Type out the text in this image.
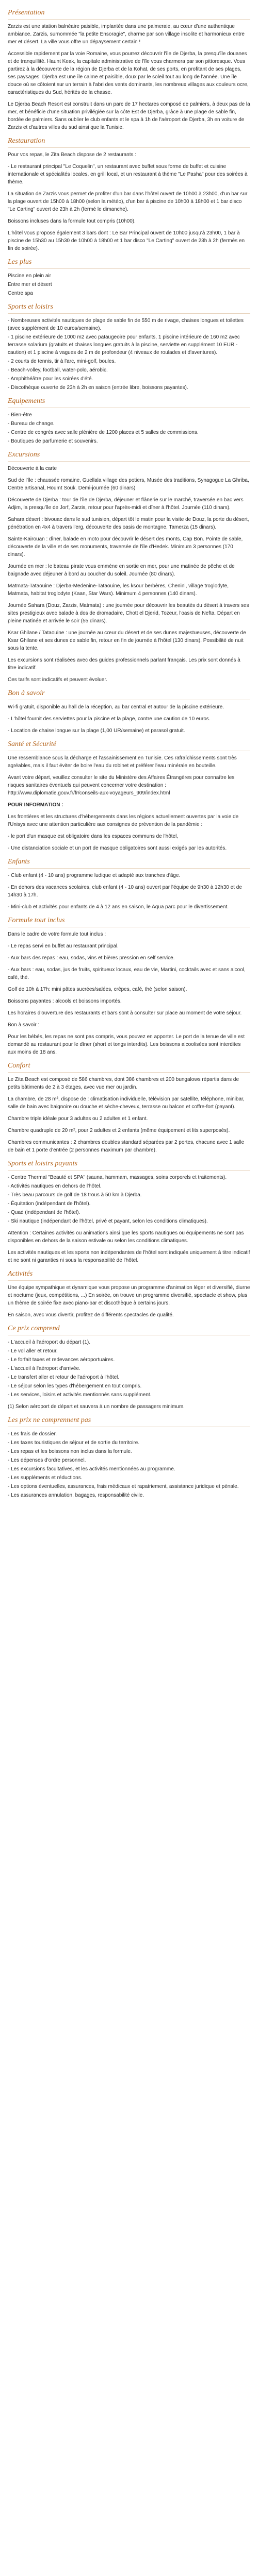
Présentation

Zarzis est une station balnéaire paisible, implantée dans une palmeraie, au cœur d'une authentique ambiance. Zarzis, surnommée "la petite Ensoragie", charme par son village insolite et harmonieux entre mer et désert. La ville vous offre un dépaysement certain !

Accessible rapidement par la voie Romaine, vous pourrez découvrir l'île de Djerba, la presqu'île douanes et de tranquillité. Haunt Keak, la capitale administrative de l'île vous charmera par son pittoresque. Vous partirez à la découverte de la région de Djerba et de la Kohat, de ses ports, en profitant de ses plages, ses paysages. Djerba est une île calme et paisible, doux par le soleil tout au long de l'année. Une île douce où se côtoient sur un terrain à l'abri des vents dominants, les nombreux villages aux couleurs ocre, caractéristiques du Sud, hérités de la chasse.

Le Djerba Beach Resort est construit dans un parc de 17 hectares composé de palmiers, à deux pas de la mer, et bénéficie d'une situation privilégiée sur la côte Est de Djerba, grâce à une plage de sable fin, bordée de palmiers. Sans oublier le club enfants et le spa à 1h de l'aéroport de Djerba, 3h en voiture de Zarzis et d'autres villes du sud ainsi que la Tunisie.

Restauration

Pour vos repas, le Zita Beach dispose de 2 restaurants :

- Le restaurant principal "Le Coquelin", un restaurant avec buffet sous forme de buffet et cuisine internationale et spécialités locales, en grill local, et un restaurant à thème "Le Pasha" pour des soirées à thème.

La situation de Zarzis vous permet de profiter d'un bar dans l'hôtel ouvert de 10h00 à 23h00, d'un bar sur la plage ouvert de 15h00 à 18h00 (selon la météo), d'un bar à piscine de 10h00 à 18h00 et 1 bar disco "Le Carting" ouvert de 23h à 2h (fermé le dimanche).

Boissons incluses dans la formule tout compris (10h00).

L'hôtel vous propose également 3 bars dont : Le Bar Principal ouvert de 10h00 jusqu'à 23h00, 1 bar à piscine de 15h30 au 15h30 de 10h00 à 18h00 et 1 bar disco "Le Carting" ouvert de 23h à 2h (fermés en fin de soirée).

Les plus

Piscine en plein air

Entre mer et désert

Centre spa

Sports et loisirs

- Nombreuses activités nautiques de plage de sable fin de 550 m de rivage, chaises longues et toilettes (avec supplément de 10 euros/semaine).

- 1 piscine extérieure de 1000 m2 avec pataugeoire pour enfants, 1 piscine intérieure de 160 m2 avec terrasse solarium (gratuits et chaises longues gratuits à la piscine, serviette en supplément 10 EUR - caution) et 1 piscine à vagues de 2 m de profondeur (4 niveaux de roulades et d'aventures).

- 2 courts de tennis, tir à l'arc, mini-golf, boules.

- Beach-volley, football, water-polo, aérobic.

- Amphithéâtre pour les soirées d'été.

- Discothèque ouverte de 23h à 2h en saison (entrée libre, boissons payantes).

Equipements

- Bien-être

- Bureau de change.

- Centre de congrès avec salle plénière de 1200 places et 5 salles de commissions.

- Boutiques de parfumerie et souvenirs.

Excursions

Découverte à la carte

Sud de l'île : chaussée romaine, Guellala village des potiers, Musée des traditions, Synagogue La Ghriba, Centre artisanal, Houmt Souk. Demi-journée (60 dinars)

Découverte de Djerba : tour de l'île de Djerba, déjeuner et flânerie sur le marché, traversée en bac vers Adjim, la presqu'île de Jorf, Zarzis, retour pour l'après-midi et dîner à l'hôtel. Journée (110 dinars).

Sahara désert : bivouac dans le sud tunisien, départ tôt le matin pour la visite de Douz, la porte du désert, pénétration en 4x4 à travers l'erg, découverte des oasis de montagne, Tamerza (15 dinars).

Sainte-Kairouan : dîner, balade en moto pour découvrir le désert des monts, Cap Bon. Pointe de sable, découverte de la ville et de ses monuments, traversée de l'île d'Hedek. Minimum 3 personnes (170 dinars).

Journée en mer : le bateau pirate vous emmène en sortie en mer, pour une matinée de pêche et de baignade avec déjeuner à bord au coucher du soleil. Journée (80 dinars).

Matmata-Tataouine : Djerba-Medenine-Tataouine, les ksour berbères, Chenini, village troglodyte, Matmata, habitat troglodyte (Kaan, Star Wars). Minimum 4 personnes (140 dinars).

Journée Sahara (Douz, Zarzis, Matmata) : une journée pour découvrir les beautés du désert à travers ses sites prestigieux avec balade à dos de dromadaire, Chott el Djerid, Tozeur, l'oasis de Nefta. Départ en pleine matinée et arrivée le soir (55 dinars).

Ksar Ghilane / Tataouine : une journée au cœur du désert et de ses dunes majestueuses, découverte de Ksar Ghilane et ses dunes de sable fin, retour en fin de journée à l'hôtel (130 dinars). Possibilité de nuit sous la tente.

Les excursions sont réalisées avec des guides professionnels parlant français. Les prix sont donnés à titre indicatif.

Ces tarifs sont indicatifs et peuvent évoluer.

Bon à savoir

Wi-fi gratuit, disponible au hall de la réception, au bar central et autour de la piscine extérieure.

- L'hôtel fournit des serviettes pour la piscine et la plage, contre une caution de 10 euros.

- Location de chaise longue sur la plage (1,00 UR/semaine) et parasol gratuit.

Santé et Sécurité

Une ressemblance sous la décharge et l'assainissement en Tunisie. Ces rafraîchissements sont très agréables, mais il faut éviter de boire l'eau du robinet et préférer l'eau minérale en bouteille.

Avant votre départ, veuillez consulter le site du Ministère des Affaires Étrangères pour connaître les risques sanitaires éventuels qui peuvent concerner votre destination : http://www.diplomatie.gouv.fr/fr/conseils-aux-voyageurs_909/index.html

POUR INFORMATION :

Les frontières et les structures d'hébergements dans les régions actuellement ouvertes par la voie de l'Unisys avec une attention particulière aux consignes de prévention de la pandémie :

- le port d'un masque est obligatoire dans les espaces communs de l'hôtel,

- Une distanciation sociale et un port de masque obligatoires sont aussi exigés par les autorités.

Enfants

- Club enfant (4 - 10 ans) programme ludique et adapté aux tranches d'âge.

- En dehors des vacances scolaires, club enfant (4 - 10 ans) ouvert par l'équipe de 9h30 à 12h30 et de 14h30 à 17h.

- Mini-club et activités pour enfants de 4 à 12 ans en saison, le Aqua parc pour le divertissement.

Formule tout inclus

Dans le cadre de votre formule tout inclus :

- Le repas servi en buffet au restaurant principal.

- Aux bars des repas : eau, sodas, vins et bières pression en self service.

- Aux bars : eau, sodas, jus de fruits, spiritueux locaux, eau de vie, Martini, cocktails avec et sans alcool, café, thé.

Golf de 10h à 17h: mini pâtes sucrées/salées, crêpes, café, thé (selon saison).

Boissons payantes : alcools et boissons importés.

Les horaires d'ouverture des restaurants et bars sont à consulter sur place au moment de votre séjour.

Bon à savoir :

Pour les bébés, les repas ne sont pas compris, vous pouvez en apporter. Le port de la tenue de ville est demandé au restaurant pour le dîner (short et tongs interdits). Les boissons alcoolisées sont interdites aux moins de 18 ans.

Confort

Le Zita Beach est composé de 586 chambres, dont 386 chambres et 200 bungalows répartis dans de petits bâtiments de 2 à 3 étages, avec vue mer ou jardin.

La chambre, de 28 m², dispose de : climatisation individuelle, télévision par satellite, téléphone, minibar, salle de bain avec baignoire ou douche et sèche-cheveux, terrasse ou balcon et coffre-fort (payant).

Chambre triple idéale pour 3 adultes ou 2 adultes et 1 enfant.

Chambre quadruple de 20 m², pour 2 adultes et 2 enfants (même équipement et lits superposés).

Chambres communicantes : 2 chambres doubles standard séparées par 2 portes, chacune avec 1 salle de bain et 1 porte d'entrée (2 personnes maximum par chambre).

Sports et loisirs payants

- Centre Thermal "Beauté et SPA" (sauna, hammam, massages, soins corporels et traitements).

- Activités nautiques en dehors de l'hôtel.

- Très beau parcours de golf de 18 trous à 50 km à Djerba.

- Équitation (indépendant de l'hôtel).

- Quad (indépendant de l'hôtel).

- Ski nautique (indépendant de l'hôtel, privé et payant, selon les conditions climatiques).

Attention : Certaines activités ou animations ainsi que les sports nautiques ou équipements ne sont pas disponibles en dehors de la saison estivale ou selon les conditions climatiques.

Les activités nautiques et les sports non indépendantes de l'hôtel sont indiqués uniquement à titre indicatif et ne sont ni garanties ni sous la responsabilité de l'hôtel.

Activités

Une équipe sympathique et dynamique vous propose un programme d'animation léger et diversifié, diurne et nocturne (jeux, compétitions, ...) En soirée, on trouve un programme diversifié, spectacle et show, plus un thème de soirée fixe avec piano-bar et discothèque à certains jours.

En saison, avec vous divertir, profitez de différents spectacles de qualité.

Ce prix comprend

- L'accueil à l'aéroport du départ (1).

- Le vol aller et retour.

- Le forfait taxes et redevances aéroportuaires.

- L'accueil à l'aéroport d'arrivée.

- Le transfert aller et retour de l'aéroport à l'hôtel.

- Le séjour selon les types d'hébergement en tout compris.

- Les services, loisirs et activités mentionnés sans supplément.

(1) Selon aéroport de départ et sauvera à un nombre de passagers minimum.

Les prix ne comprennent pas

- Les frais de dossier.

- Les taxes touristiques de séjour et de sortie du territoire.

- Les repas et les boissons non inclus dans la formule.

- Les dépenses d'ordre personnel.

- Les excursions facultatives, et les activités mentionnées au programme.

- Les suppléments et réductions.

- Les options éventuelles, assurances, frais médicaux et rapatriement, assistance juridique et pénale.

- Les assurances annulation, bagages, responsabilité civile.
